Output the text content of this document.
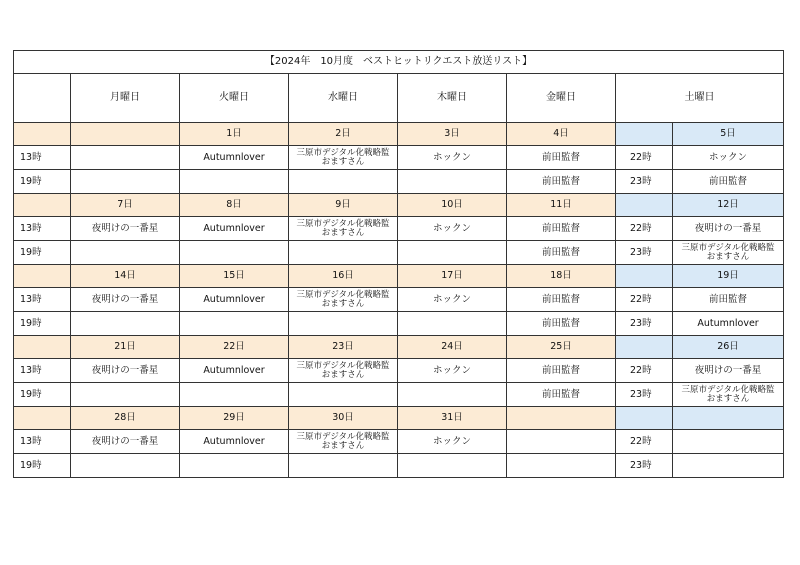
【2024年　10月度　ベストヒットリクエスト放送リスト】							
	月曜日	火曜日	水曜日	木曜日	金曜日	土曜日	
		1日	2日	3日	4日		5日
13時		Autumnlover	三原市デジタル化戦略監
おますさん	ホックン	前田監督	22時	ホックン
19時					前田監督	23時	前田監督
	7日	8日	9日	10日	11日		12日
13時	夜明けの一番星	Autumnlover	三原市デジタル化戦略監
おますさん	ホックン	前田監督	22時	夜明けの一番星
19時					前田監督	23時	三原市デジタル化戦略監
おますさん

	14日	15日	16日	17日	18日		19日
13時	夜明けの一番星	Autumnlover	三原市デジタル化戦略監
おますさん	ホックン	前田監督	22時	前田監督
19時					前田監督	23時	Autumnlover
	21日	22日	23日	24日	25日		26日
13時	夜明けの一番星	Autumnlover	三原市デジタル化戦略監
おますさん	ホックン	前田監督	22時	夜明けの一番星
19時					前田監督	23時	三原市デジタル化戦略監
おますさん

	28日	29日	30日	31日			
13時	夜明けの一番星	Autumnlover	三原市デジタル化戦略監
おますさん	ホックン		22時	
19時						23時	
